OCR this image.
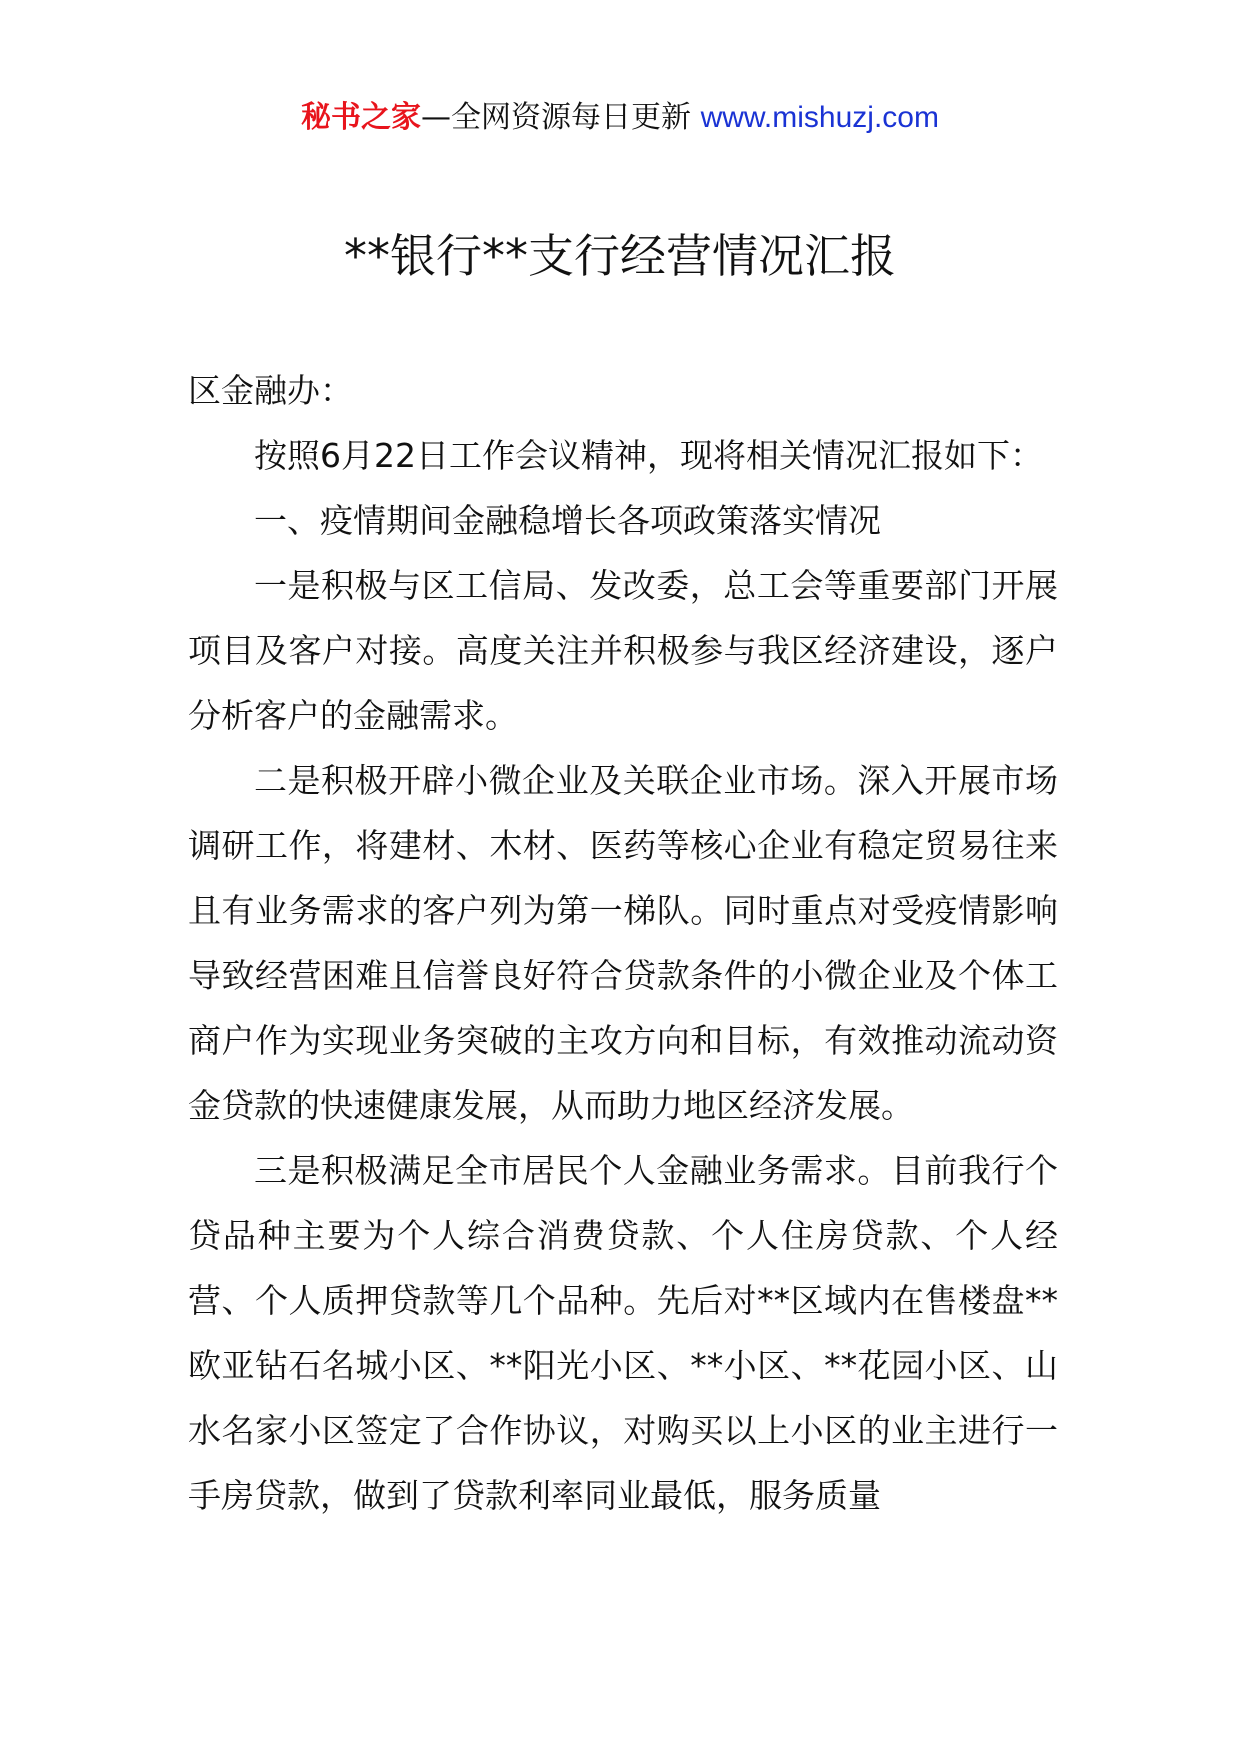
秘书之家—全网资源每日更新 www.mishuzj.com
**银行**支行经营情况汇报

区金融办：

按照6月22日工作会议精神，现将相关情况汇报如下：

一、疫情期间金融稳增长各项政策落实情况

一是积极与区工信局、发改委，总工会等重要部门开展项目及客户对接。高度关注并积极参与我区经济建设，逐户分析客户的金融需求。

二是积极开辟小微企业及关联企业市场。深入开展市场调研工作，将建材、木材、医药等核心企业有稳定贸易往来且有业务需求的客户列为第一梯队。同时重点对受疫情影响导致经营困难且信誉良好符合贷款条件的小微企业及个体工商户作为实现业务突破的主攻方向和目标，有效推动流动资金贷款的快速健康发展，从而助力地区经济发展。

三是积极满足全市居民个人金融业务需求。目前我行个贷品种主要为个人综合消费贷款、个人住房贷款、个人经营、个人质押贷款等几个品种。先后对**区域内在售楼盘**欧亚钻石名城小区、**阳光小区、**小区、**花园小区、山水名家小区签定了合作协议，对购买以上小区的业主进行一手房贷款，做到了贷款利率同业最低，服务质量
